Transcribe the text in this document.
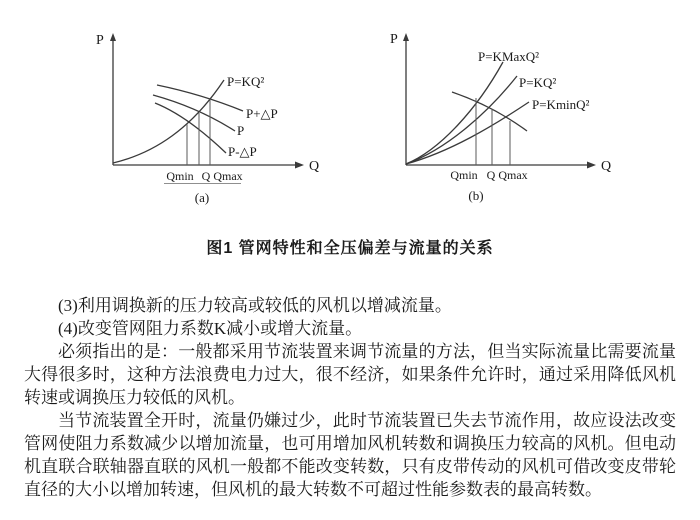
P
Q
P=KQ²
P+△P
P
P-△P
Qmin Q Qmax
(a)
P
Q
P=KMaxQ²
P=KQ²
P=KminQ²
Qmin Q Qmax
(b)
图1 管网特性和全压偏差与流量的关系

(3)利用调换新的压力较高或较低的风机以增减流量。

(4)改变管网阻力系数K减小或增大流量。

必须指出的是：一般都采用节流装置来调节流量的方法，但当实际流量比需要流量大得很多时，这种方法浪费电力过大，很不经济，如果条件允许时，通过采用降低风机转速或调换压力较低的风机。

当节流装置全开时，流量仍嫌过少，此时节流装置已失去节流作用，故应设法改变管网使阻力系数减少以增加流量，也可用增加风机转数和调换压力较高的风机。但电动机直联合联轴器直联的风机一般都不能改变转数，只有皮带传动的风机可借改变皮带轮直径的大小以增加转速，但风机的最大转数不可超过性能参数表的最高转数。
